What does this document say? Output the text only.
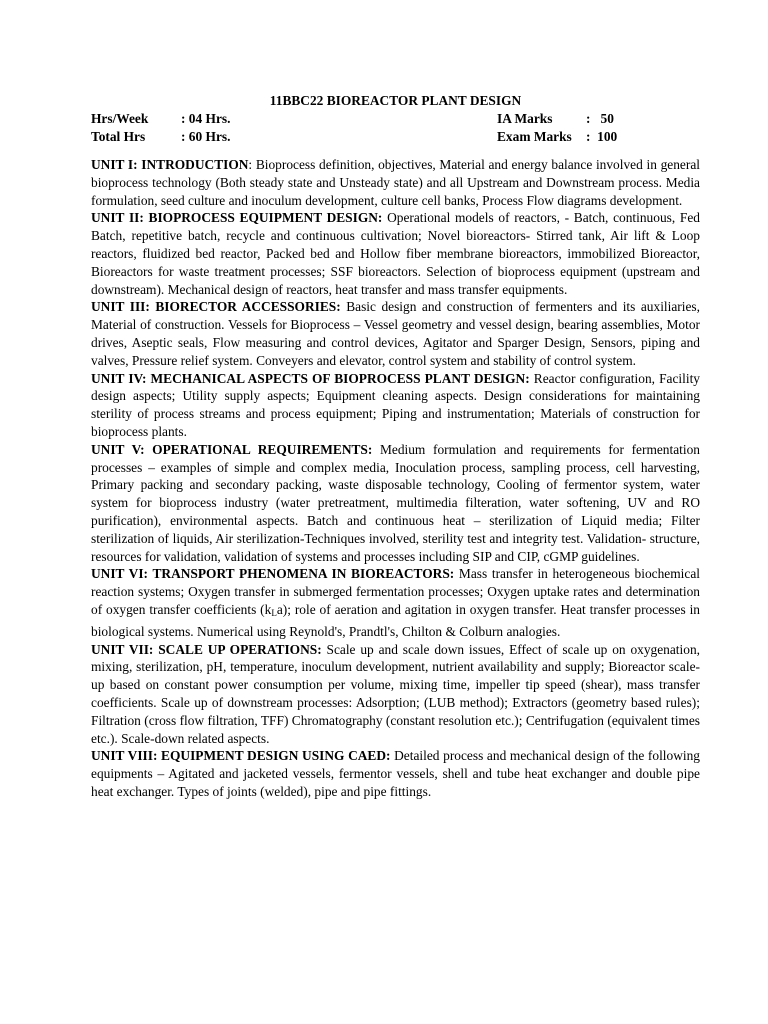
11BBC22 BIOREACTOR PLANT DESIGN
Hrs/Week : 04 Hrs.	IA Marks	:   50
Total Hrs	: 60 Hrs.	Exam Marks :  100

UNIT I: INTRODUCTION: Bioprocess definition, objectives, Material and energy balance involved in general bioprocess technology (Both steady state and Unsteady state) and all Upstream and Downstream process. Media formulation, seed culture and inoculum development, culture cell banks, Process Flow diagrams development.

UNIT II: BIOPROCESS EQUIPMENT DESIGN: Operational models of reactors, - Batch, continuous, Fed Batch, repetitive batch, recycle and continuous cultivation; Novel bioreactors- Stirred tank, Air lift & Loop reactors, fluidized bed reactor, Packed bed and Hollow fiber membrane bioreactors, immobilized Bioreactor, Bioreactors for waste treatment processes; SSF bioreactors. Selection of bioprocess equipment (upstream and downstream). Mechanical design of reactors, heat transfer and mass transfer equipments.

UNIT III: BIORECTOR ACCESSORIES: Basic design and construction of fermenters and its auxiliaries, Material of construction. Vessels for Bioprocess – Vessel geometry and vessel design, bearing assemblies, Motor drives, Aseptic seals, Flow measuring and control devices, Agitator and Sparger Design, Sensors, piping and valves, Pressure relief system. Conveyers and elevator, control system and stability of control system.

UNIT IV: MECHANICAL ASPECTS OF BIOPROCESS PLANT DESIGN: Reactor configuration, Facility design aspects; Utility supply aspects; Equipment cleaning aspects. Design considerations for maintaining sterility of process streams and process equipment; Piping and instrumentation; Materials of construction for bioprocess plants.

UNIT V: OPERATIONAL REQUIREMENTS: Medium formulation and requirements for fermentation processes – examples of simple and complex media, Inoculation process, sampling process, cell harvesting, Primary packing and secondary packing, waste disposable technology, Cooling of fermentor system, water system for bioprocess industry (water pretreatment, multimedia filteration, water softening, UV and RO purification), environmental aspects. Batch and continuous heat – sterilization of Liquid media; Filter sterilization of liquids, Air sterilization-Techniques involved, sterility test and integrity test. Validation- structure, resources for validation, validation of systems and processes including SIP and CIP, cGMP guidelines.

UNIT VI: TRANSPORT PHENOMENA IN BIOREACTORS: Mass transfer in heterogeneous biochemical reaction systems; Oxygen transfer in submerged fermentation processes; Oxygen uptake rates and determination of oxygen transfer coefficients $(k_La)$; role of aeration and agitation in oxygen transfer. Heat transfer processes in biological systems. Numerical using Reynold's, Prandtl's, Chilton & Colburn analogies.

UNIT VII: SCALE UP OPERATIONS: Scale up and scale down issues, Effect of scale up on oxygenation, mixing, sterilization, pH, temperature, inoculum development, nutrient availability and supply; Bioreactor scale-up based on constant power consumption per volume, mixing time, impeller tip speed (shear), mass transfer coefficients. Scale up of downstream processes: Adsorption; (LUB method); Extractors (geometry based rules); Filtration (cross flow filtration, TFF) Chromatography (constant resolution etc.); Centrifugation (equivalent times etc.). Scale-down related aspects.

UNIT VIII: EQUIPMENT DESIGN USING CAED: Detailed process and mechanical design of the following equipments – Agitated and jacketed vessels, fermentor vessels, shell and tube heat exchanger and double pipe heat exchanger. Types of joints (welded), pipe and pipe fittings.
